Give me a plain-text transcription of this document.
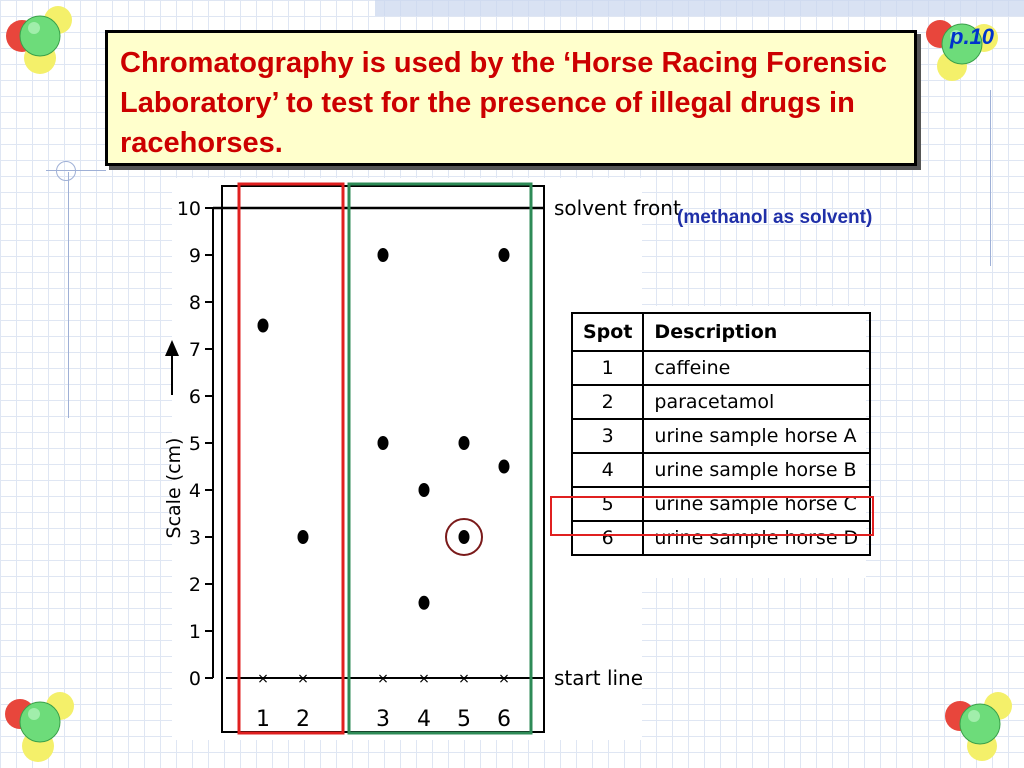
p.10
Chromatography is used by the ‘Horse Racing Forensic Laboratory’ to test for the presence of illegal drugs in racehorses.
Scale (cm)
solvent front
start line
0
1
2
3
4
5
6
7
8
9
10
×
1
×
2
×
3
×
4
×
5
×
6
(methanol as solvent)
Spot	Description
1	caffeine
2	paracetamol
3	urine sample horse A
4	urine sample horse B
5	urine sample horse C
6	urine sample horse D
